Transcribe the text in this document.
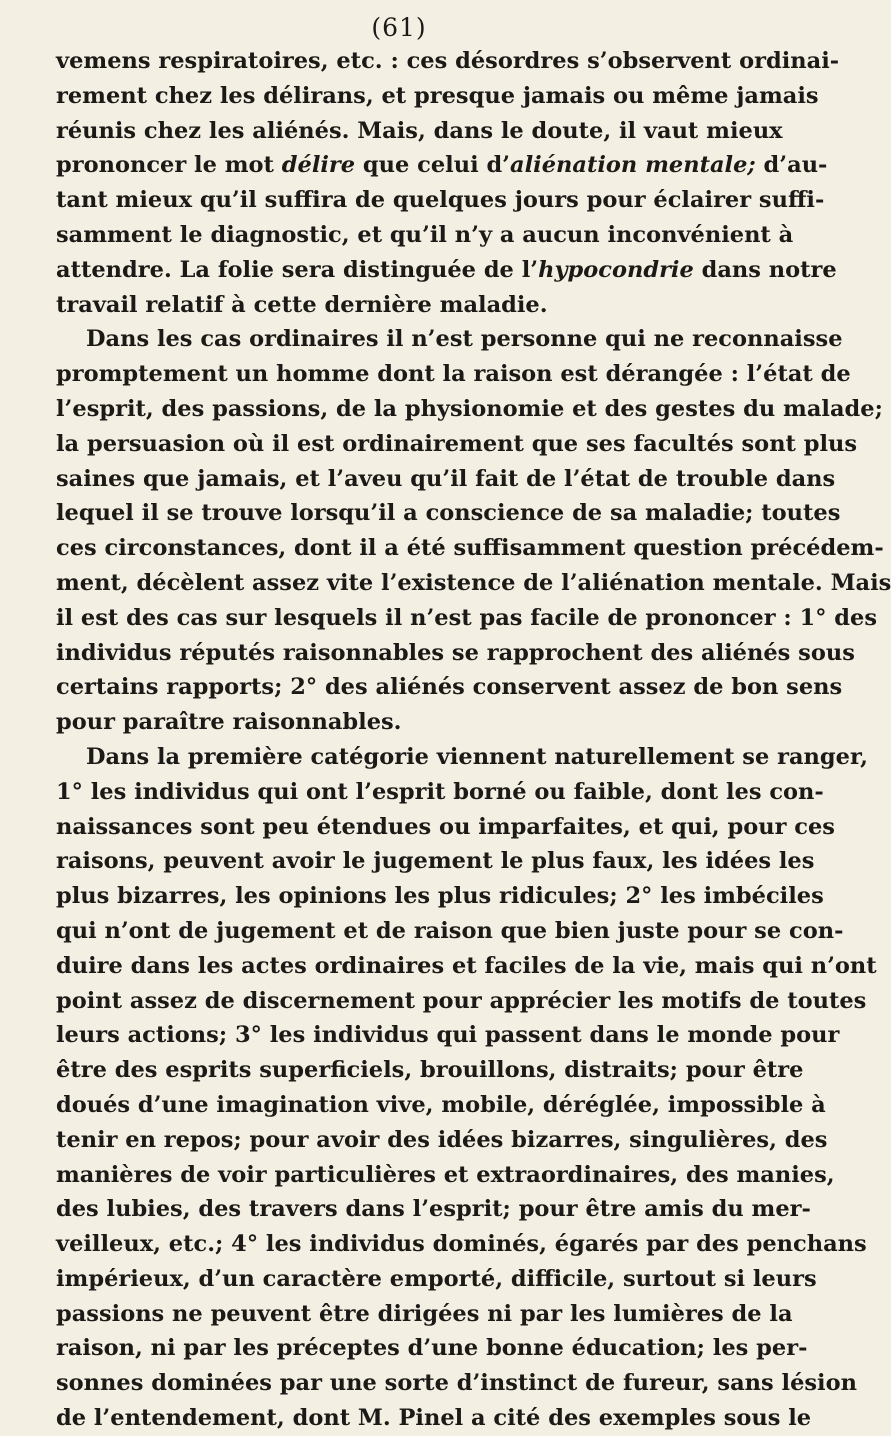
(61)
vemens respiratoires, etc. : ces désordres s’observent ordinai-
rement chez les délirans, et presque jamais ou même jamais
réunis chez les aliénés. Mais, dans le doute, il vaut mieux
prononcer le mot délire que celui d’aliénation mentale; d’au-
tant mieux qu’il suffira de quelques jours pour éclairer suffi-
samment le diagnostic, et qu’il n’y a aucun inconvénient à
attendre. La folie sera distinguée de l’hypocondrie dans notre
travail relatif à cette dernière maladie.
Dans les cas ordinaires il n’est personne qui ne reconnaisse
promptement un homme dont la raison est dérangée : l’état de
l’esprit, des passions, de la physionomie et des gestes du malade;
la persuasion où il est ordinairement que ses facultés sont plus
saines que jamais, et l’aveu qu’il fait de l’état de trouble dans
lequel il se trouve lorsqu’il a conscience de sa maladie; toutes
ces circonstances, dont il a été suffisamment question précédem-
ment, décèlent assez vite l’existence de l’aliénation mentale. Mais
il est des cas sur lesquels il n’est pas facile de prononcer : 1° des
individus réputés raisonnables se rapprochent des aliénés sous
certains rapports; 2° des aliénés conservent assez de bon sens
pour paraître raisonnables.
Dans la première catégorie viennent naturellement se ranger,
1° les individus qui ont l’esprit borné ou faible, dont les con-
naissances sont peu étendues ou imparfaites, et qui, pour ces
raisons, peuvent avoir le jugement le plus faux, les idées les
plus bizarres, les opinions les plus ridicules; 2° les imbéciles
qui n’ont de jugement et de raison que bien juste pour se con-
duire dans les actes ordinaires et faciles de la vie, mais qui n’ont
point assez de discernement pour apprécier les motifs de toutes
leurs actions; 3° les individus qui passent dans le monde pour
être des esprits superficiels, brouillons, distraits; pour être
doués d’une imagination vive, mobile, déréglée, impossible à
tenir en repos; pour avoir des idées bizarres, singulières, des
manières de voir particulières et extraordinaires, des manies,
des lubies, des travers dans l’esprit; pour être amis du mer-
veilleux, etc.; 4° les individus dominés, égarés par des penchans
impérieux, d’un caractère emporté, difficile, surtout si leurs
passions ne peuvent être dirigées ni par les lumières de la
raison, ni par les préceptes d’une bonne éducation; les per-
sonnes dominées par une sorte d’instinct de fureur, sans lésion
de l’entendement, dont M. Pinel a cité des exemples sous le
